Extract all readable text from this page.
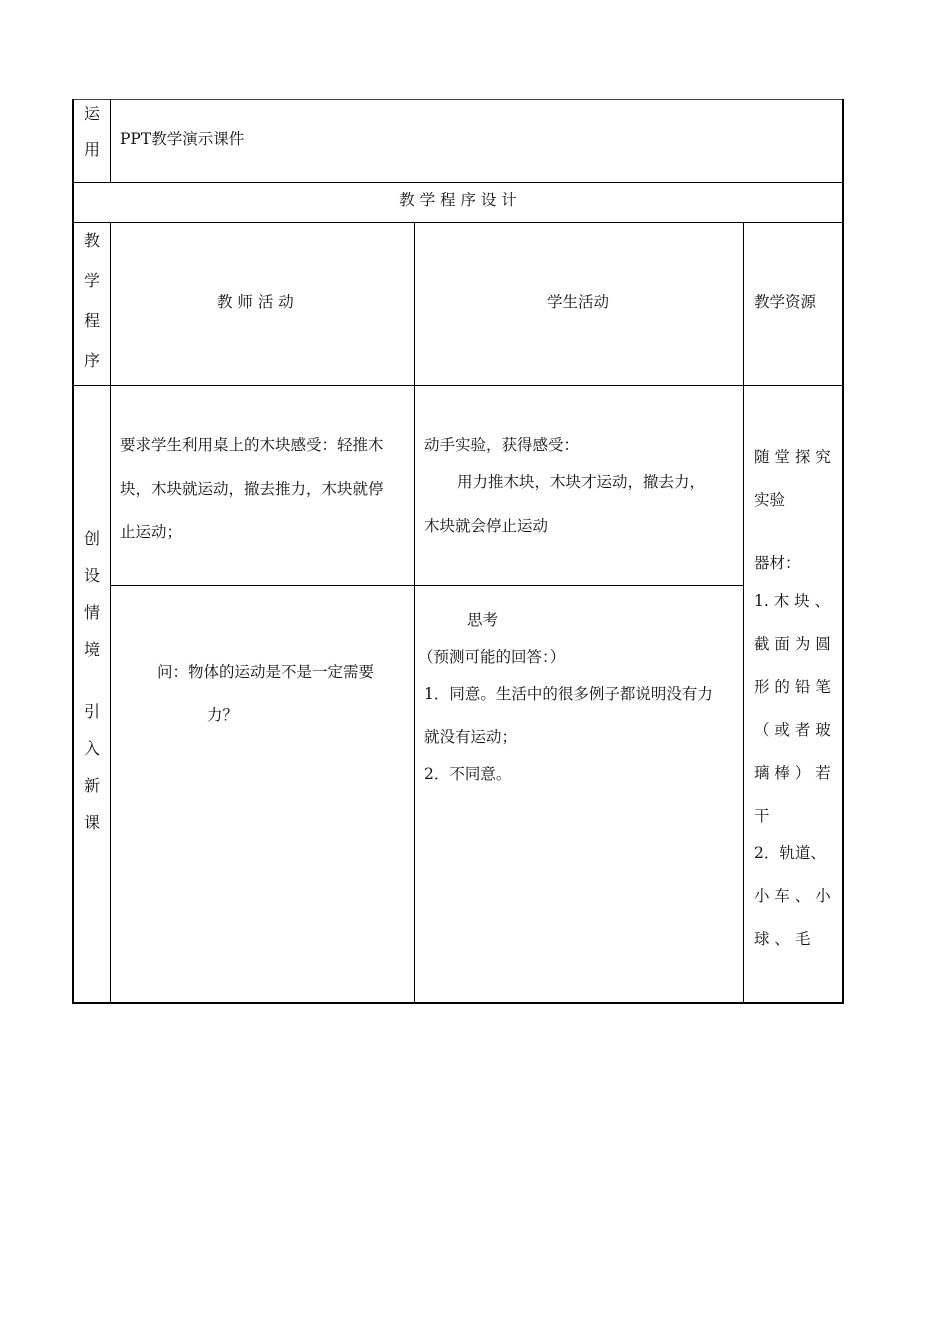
运
用
PPT教学演示课件
教 学 程 序 设 计
教
学
程
序
教 师 活 动	学生活动	教学资源
创
设
情
境
引
入
新
课
要求学生利用桌上的木块感受：轻推木
块，木块就运动，撤去推力，木块就停
止运动；
动手实验，获得感受：
用力推木块，木块才运动，撤去力，
木块就会停止运动
问：物体的运动是不是一定需要
力？
思考
（预测可能的回答：）
1．同意。生活中的很多例子都说明没有力
就没有运动；
2．不同意。
随 堂 探 究
实验
器材：
1. 木 块 、
截 面 为 圆
形 的 铅 笔
（ 或 者 玻
璃 棒 ） 若
干
2．轨道、
小 车 、 小
球 、 毛
